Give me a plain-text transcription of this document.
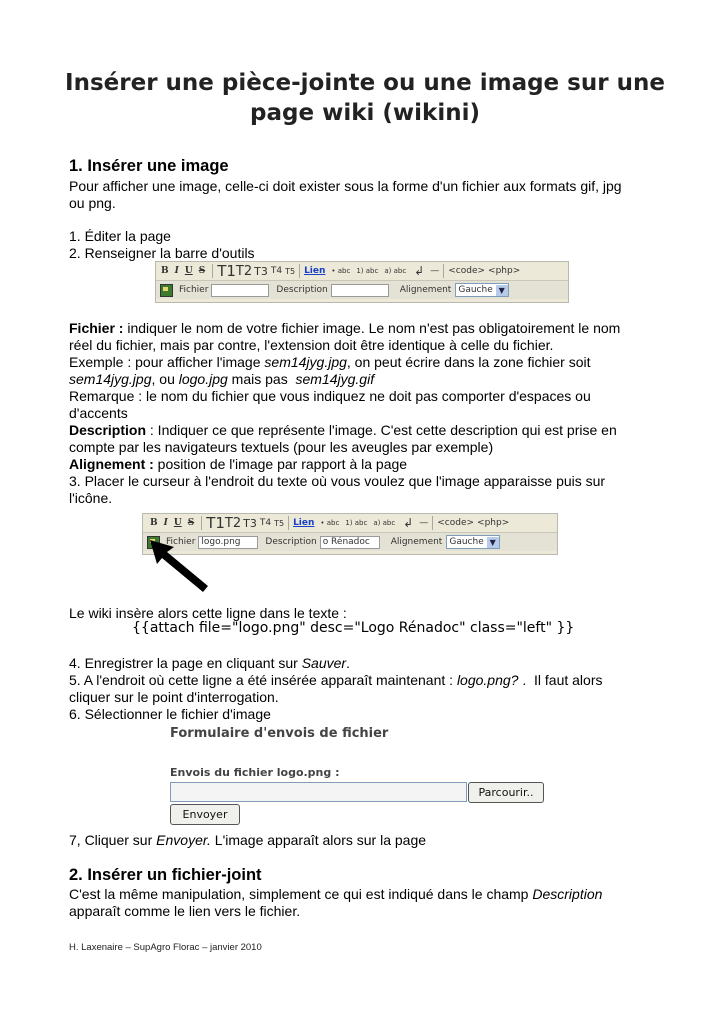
Insérer une pièce-jointe ou une image sur une page wiki (wikini)
1. Insérer une image
Pour afficher une image, celle-ci doit exister sous la forme d'un fichier aux formats gif, jpg
ou png.
1. Éditer la page
2. Renseigner la barre d'outils
B I U S T1 T2 T3 T4 T5 Lien • abc 1) abc a) abc ↲ — <code> <php>
Fichier	Description	Alignement Gauche ▼
Fichier : indiquer le nom de votre fichier image. Le nom n'est pas obligatoirement le nom
réel du fichier, mais par contre, l'extension doit être identique à celle du fichier.
Exemple : pour afficher l'image sem14jyg.jpg, on peut écrire dans la zone fichier soit
sem14jyg.jpg, ou logo.jpg mais pas  sem14jyg.gif
Remarque : le nom du fichier que vous indiquez ne doit pas comporter d'espaces ou
d'accents
Description : Indiquer ce que représente l'image. C'est cette description qui est prise en
compte par les navigateurs textuels (pour les aveugles par exemple)
Alignement : position de l'image par rapport à la page
3. Placer le curseur à l'endroit du texte où vous voulez que l'image apparaisse puis sur
l'icône.
B I U S T1 T2 T3 T4 T5 Lien • abc 1) abc a) abc ↲ — <code> <php>
Fichier logo.png	Description o Rénadoc	Alignement Gauche ▼
Le wiki insère alors cette ligne dans le texte :
{{attach file="logo.png" desc="Logo Rénadoc" class="left" }}
4. Enregistrer la page en cliquant sur Sauver.
5. A l'endroit où cette ligne a été insérée apparaît maintenant : logo.png? .  Il faut alors
cliquer sur le point d'interrogation.
6. Sélectionner le fichier d'image
Formulaire d'envois de fichier
Envois du fichier logo.png :
Parcourir..
Envoyer
7, Cliquer sur Envoyer. L'image apparaît alors sur la page
2. Insérer un fichier-joint
C'est la même manipulation, simplement ce qui est indiqué dans le champ Description
apparaît comme le lien vers le fichier.
H. Laxenaire – SupAgro Florac – janvier 2010
